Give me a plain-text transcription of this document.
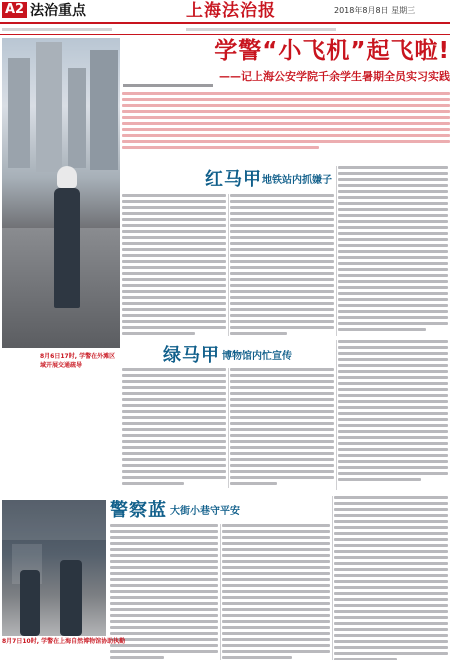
A2 法治重点	上海法治报	2018年8月8日 星期三
学警“小飞机”起飞啦!
——记上海公安学院千余学生暑期全员实习实践
8月6日17时, 学警在外滩区域开展交通疏导
红马甲 地铁站内抓嫌子
绿马甲 博物馆内忙宣传
警察蓝 大街小巷守平安
8月7日10时, 学警在上海自然博物馆协助执勤
